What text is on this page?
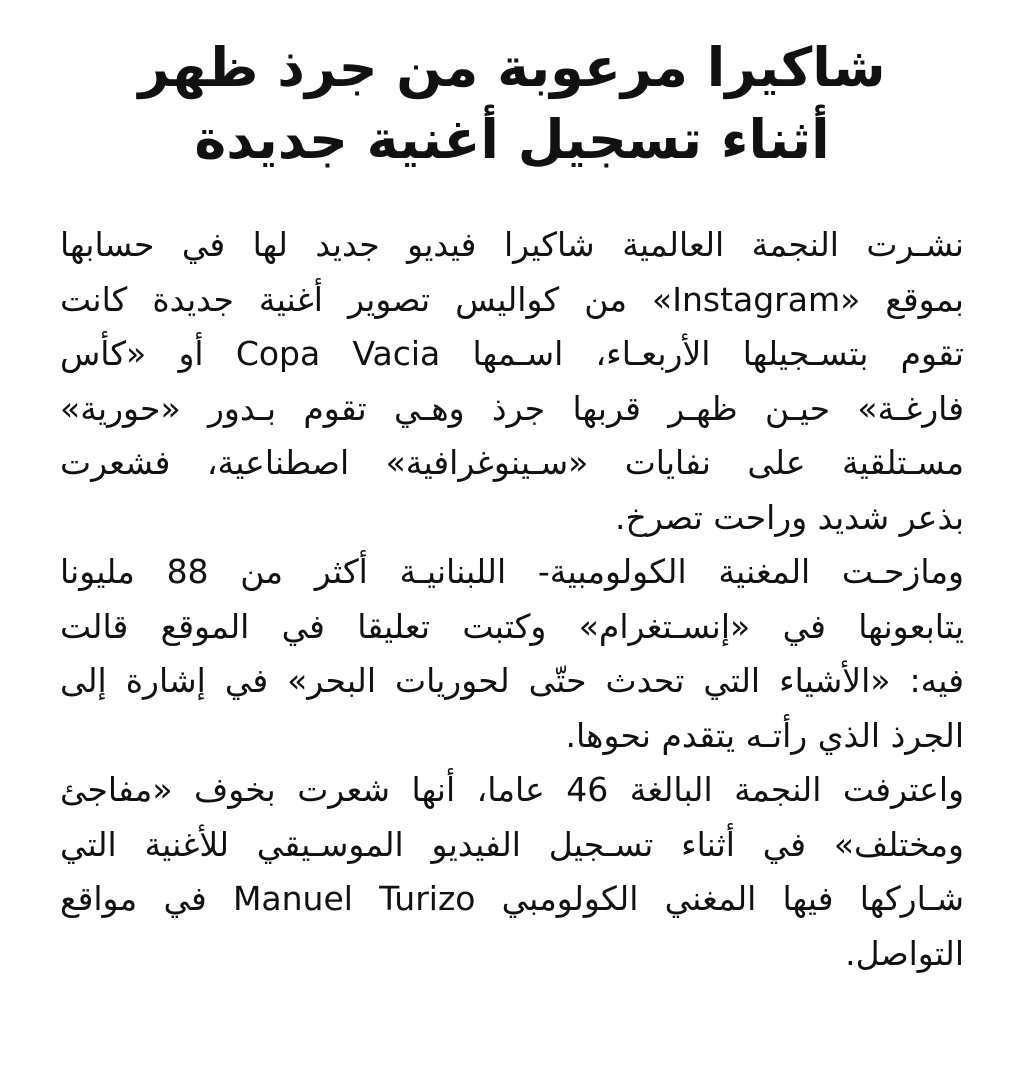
شاكيرا مرعوبة من جرذ ظهر
أثناء تسجيل أغنية جديدة

نشـرت النجمة العالمية شاكيرا فيديو جديد لها في حسابها
بموقع «Instagram» من كواليس تصوير أغنية جديدة كانت
تقوم بتسـجيلها الأربعـاء، اسـمها Copa Vacia أو «كأس
فارغـة» حيـن ظهـر قربها جرذ وهـي تقوم بـدور «حورية»
مسـتلقية على نفايات «سـينوغرافية» اصطناعية، فشعرت
بذعر شديد وراحت تصرخ.

ومازحـت المغنية الكولومبية- اللبنانيـة أكثر من 88 مليونا
يتابعونها في «إنسـتغرام» وكتبت تعليقا في الموقع قالت
فيه: «الأشياء التي تحدث حتّى لحوريات البحر» في إشارة إلى
الجرذ الذي رأتـه يتقدم نحوها.

واعترفت النجمة البالغة 46 عاما، أنها شعرت بخوف «مفاجئ
ومختلف» في أثناء تسـجيل الفيديو الموسـيقي للأغنية التي
شـاركها فيها المغني الكولومبي Manuel Turizo في مواقع
التواصل.
